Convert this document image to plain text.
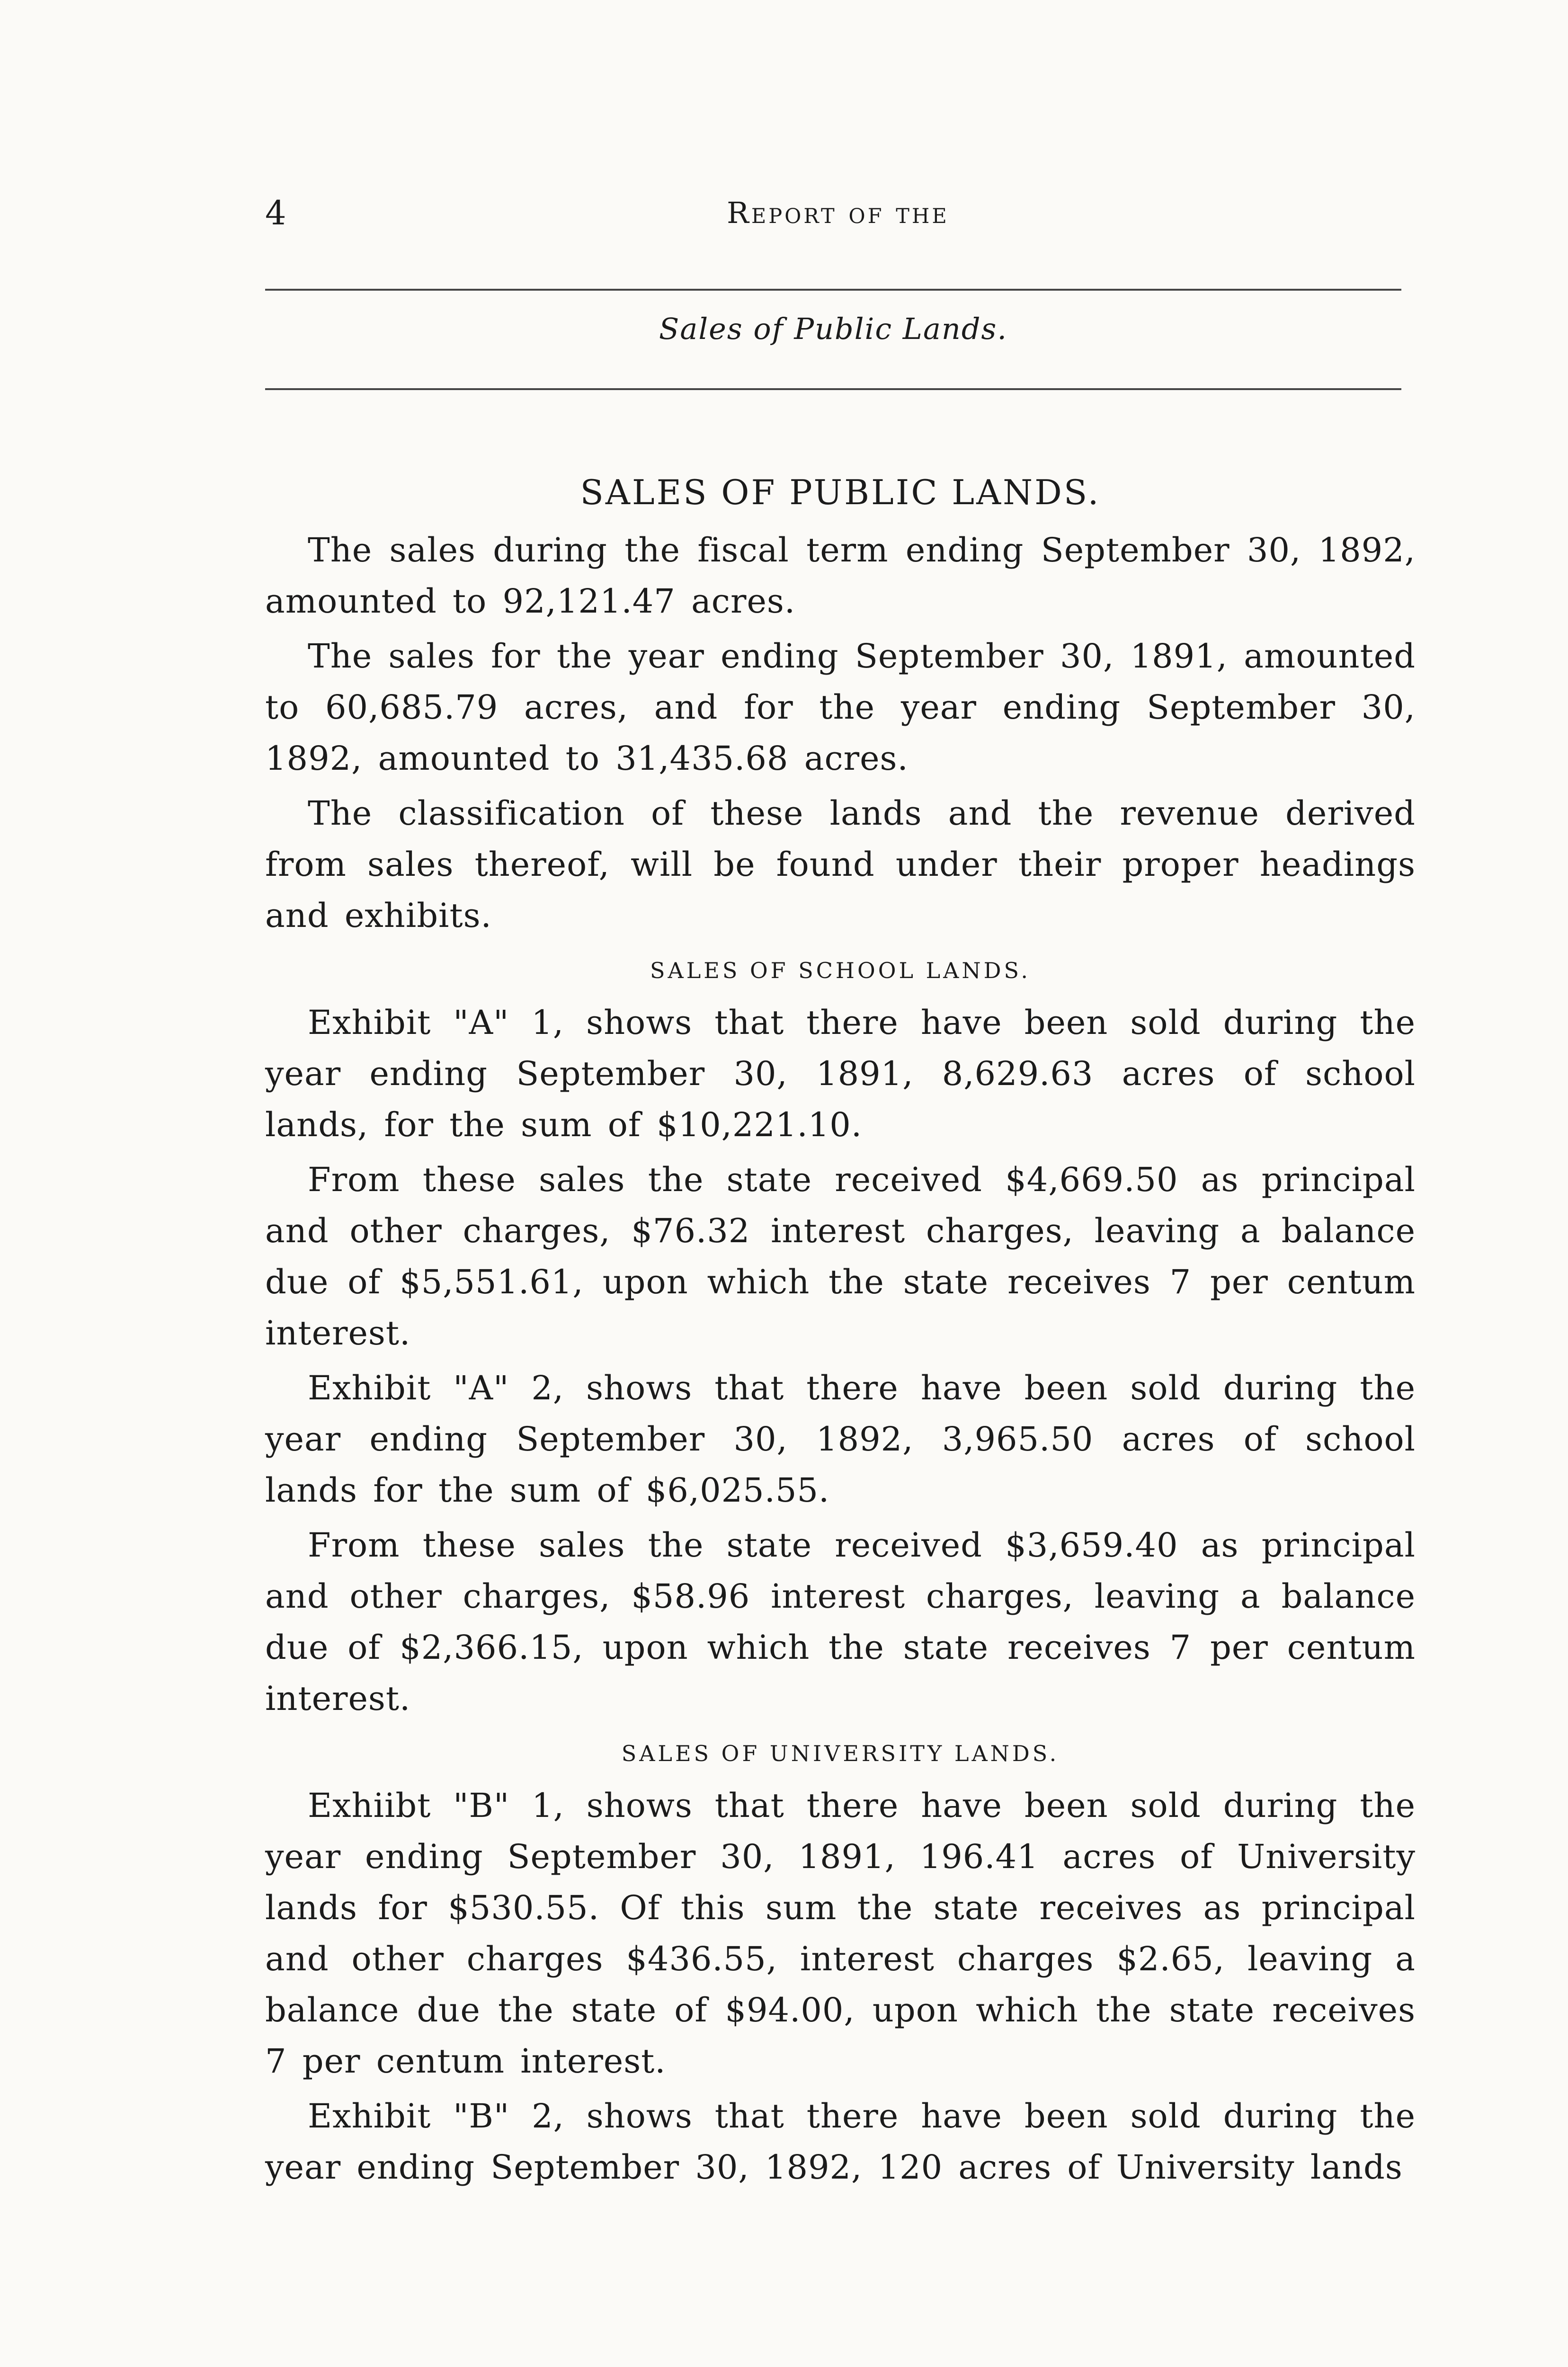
4	Report of the
Sales of Public Lands.
SALES OF PUBLIC LANDS.

The sales during the fiscal term ending September 30, 1892, amounted to 92,121.47 acres.

The sales for the year ending September 30, 1891, amounted to 60,685.79 acres, and for the year ending September 30, 1892, amounted to 31,435.68 acres.

The classification of these lands and the revenue derived from sales thereof, will be found under their proper headings and exhibits.

SALES OF SCHOOL LANDS.

Exhibit "A" 1, shows that there have been sold during the year ending September 30, 1891, 8,629.63 acres of school lands, for the sum of $10,221.10.

From these sales the state received $4,669.50 as principal and other charges, $76.32 interest charges, leaving a balance due of $5,551.61, upon which the state receives 7 per centum interest.

Exhibit "A" 2, shows that there have been sold during the year ending September 30, 1892, 3,965.50 acres of school lands for the sum of $6,025.55.

From these sales the state received $3,659.40 as principal and other charges, $58.96 interest charges, leaving a balance due of $2,366.15, upon which the state receives 7 per centum interest.

SALES OF UNIVERSITY LANDS.

Exhiibt "B" 1, shows that there have been sold during the year ending September 30, 1891, 196.41 acres of University lands for $530.55. Of this sum the state receives as principal and other charges $436.55, interest charges $2.65, leaving a balance due the state of $94.00, upon which the state receives 7 per centum interest.

Exhibit "B" 2, shows that there have been sold during the year ending September 30, 1892, 120 acres of University lands
